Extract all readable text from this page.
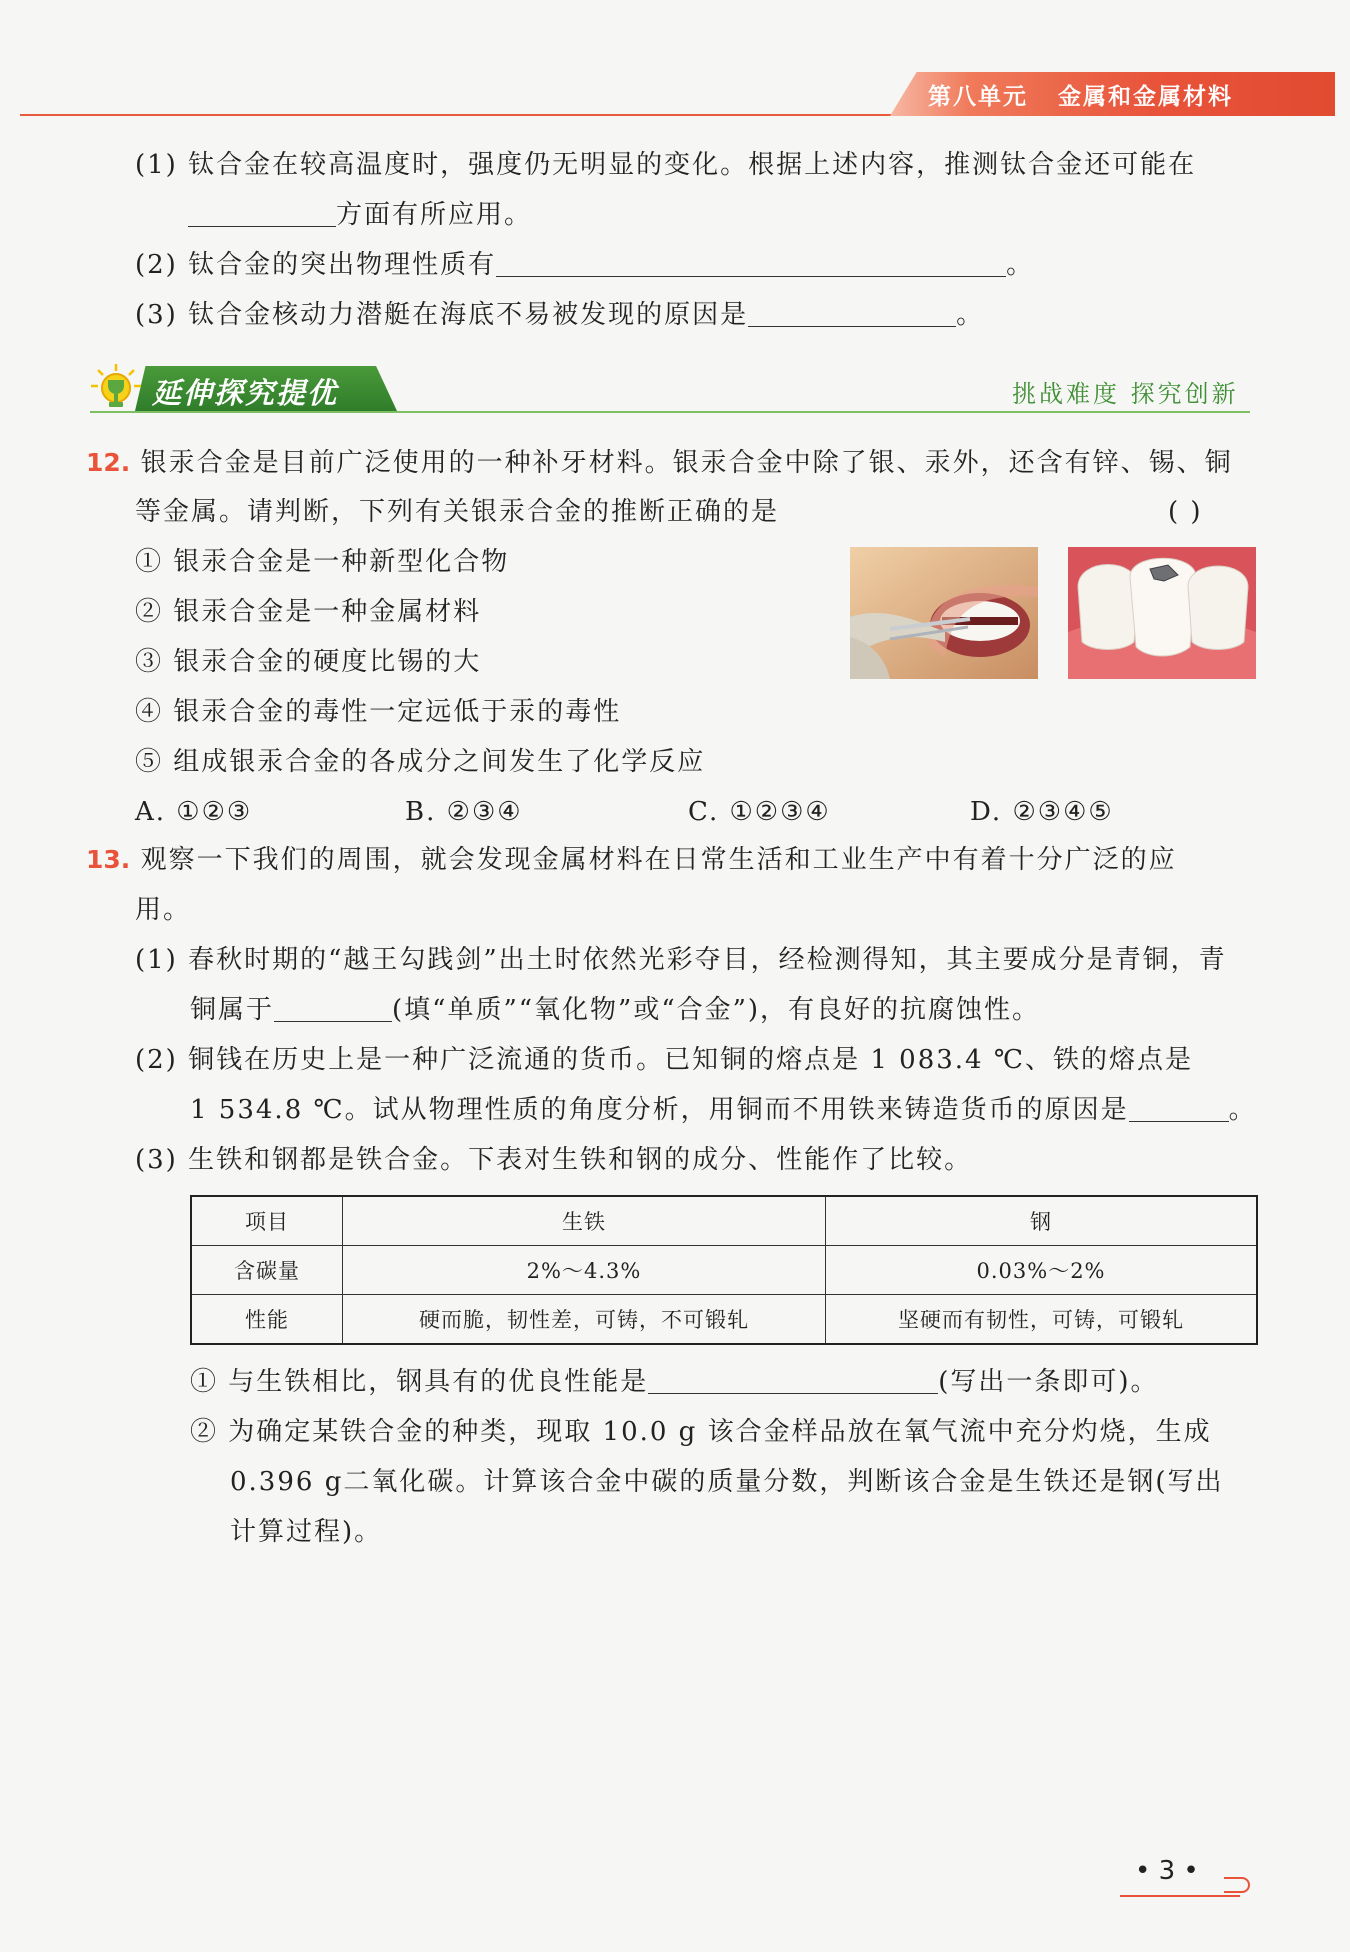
第八单元 金属和金属材料
(1) 钛合金在较高温度时，强度仍无明显的变化。根据上述内容，推测钛合金还可能在
方面有所应用。
(2) 钛合金的突出物理性质有	。
(3) 钛合金核动力潜艇在海底不易被发现的原因是	。
延伸探究提优	挑战难度 探究创新
12. 银汞合金是目前广泛使用的一种补牙材料。银汞合金中除了银、汞外，还含有锌、锡、铜
等金属。请判断，下列有关银汞合金的推断正确的是	( )
① 银汞合金是一种新型化合物
② 银汞合金是一种金属材料
③ 银汞合金的硬度比锡的大
④ 银汞合金的毒性一定远低于汞的毒性
⑤ 组成银汞合金的各成分之间发生了化学反应
A. ①②③	B. ②③④	C. ①②③④	D. ②③④⑤
13. 观察一下我们的周围，就会发现金属材料在日常生活和工业生产中有着十分广泛的应
用。
(1) 春秋时期的“越王勾践剑”出土时依然光彩夺目，经检测得知，其主要成分是青铜，青
铜属于	(填“单质”“氧化物”或“合金”)，有良好的抗腐蚀性。
(2) 铜钱在历史上是一种广泛流通的货币。已知铜的熔点是 1 083.4 ℃、铁的熔点是
1 534.8 ℃。试从物理性质的角度分析，用铜而不用铁来铸造货币的原因是	。
(3) 生铁和钢都是铁合金。下表对生铁和钢的成分、性能作了比较。
项目	生铁	钢
含碳量	2%～4.3%	0.03%～2%
性能	硬而脆，韧性差，可铸，不可锻轧	坚硬而有韧性，可铸，可锻轧
① 与生铁相比，钢具有的优良性能是	(写出一条即可)。
② 为确定某铁合金的种类，现取 10.0 g 该合金样品放在氧气流中充分灼烧，生成
0.396 g二氧化碳。计算该合金中碳的质量分数，判断该合金是生铁还是钢(写出
计算过程)。
• 3 •
